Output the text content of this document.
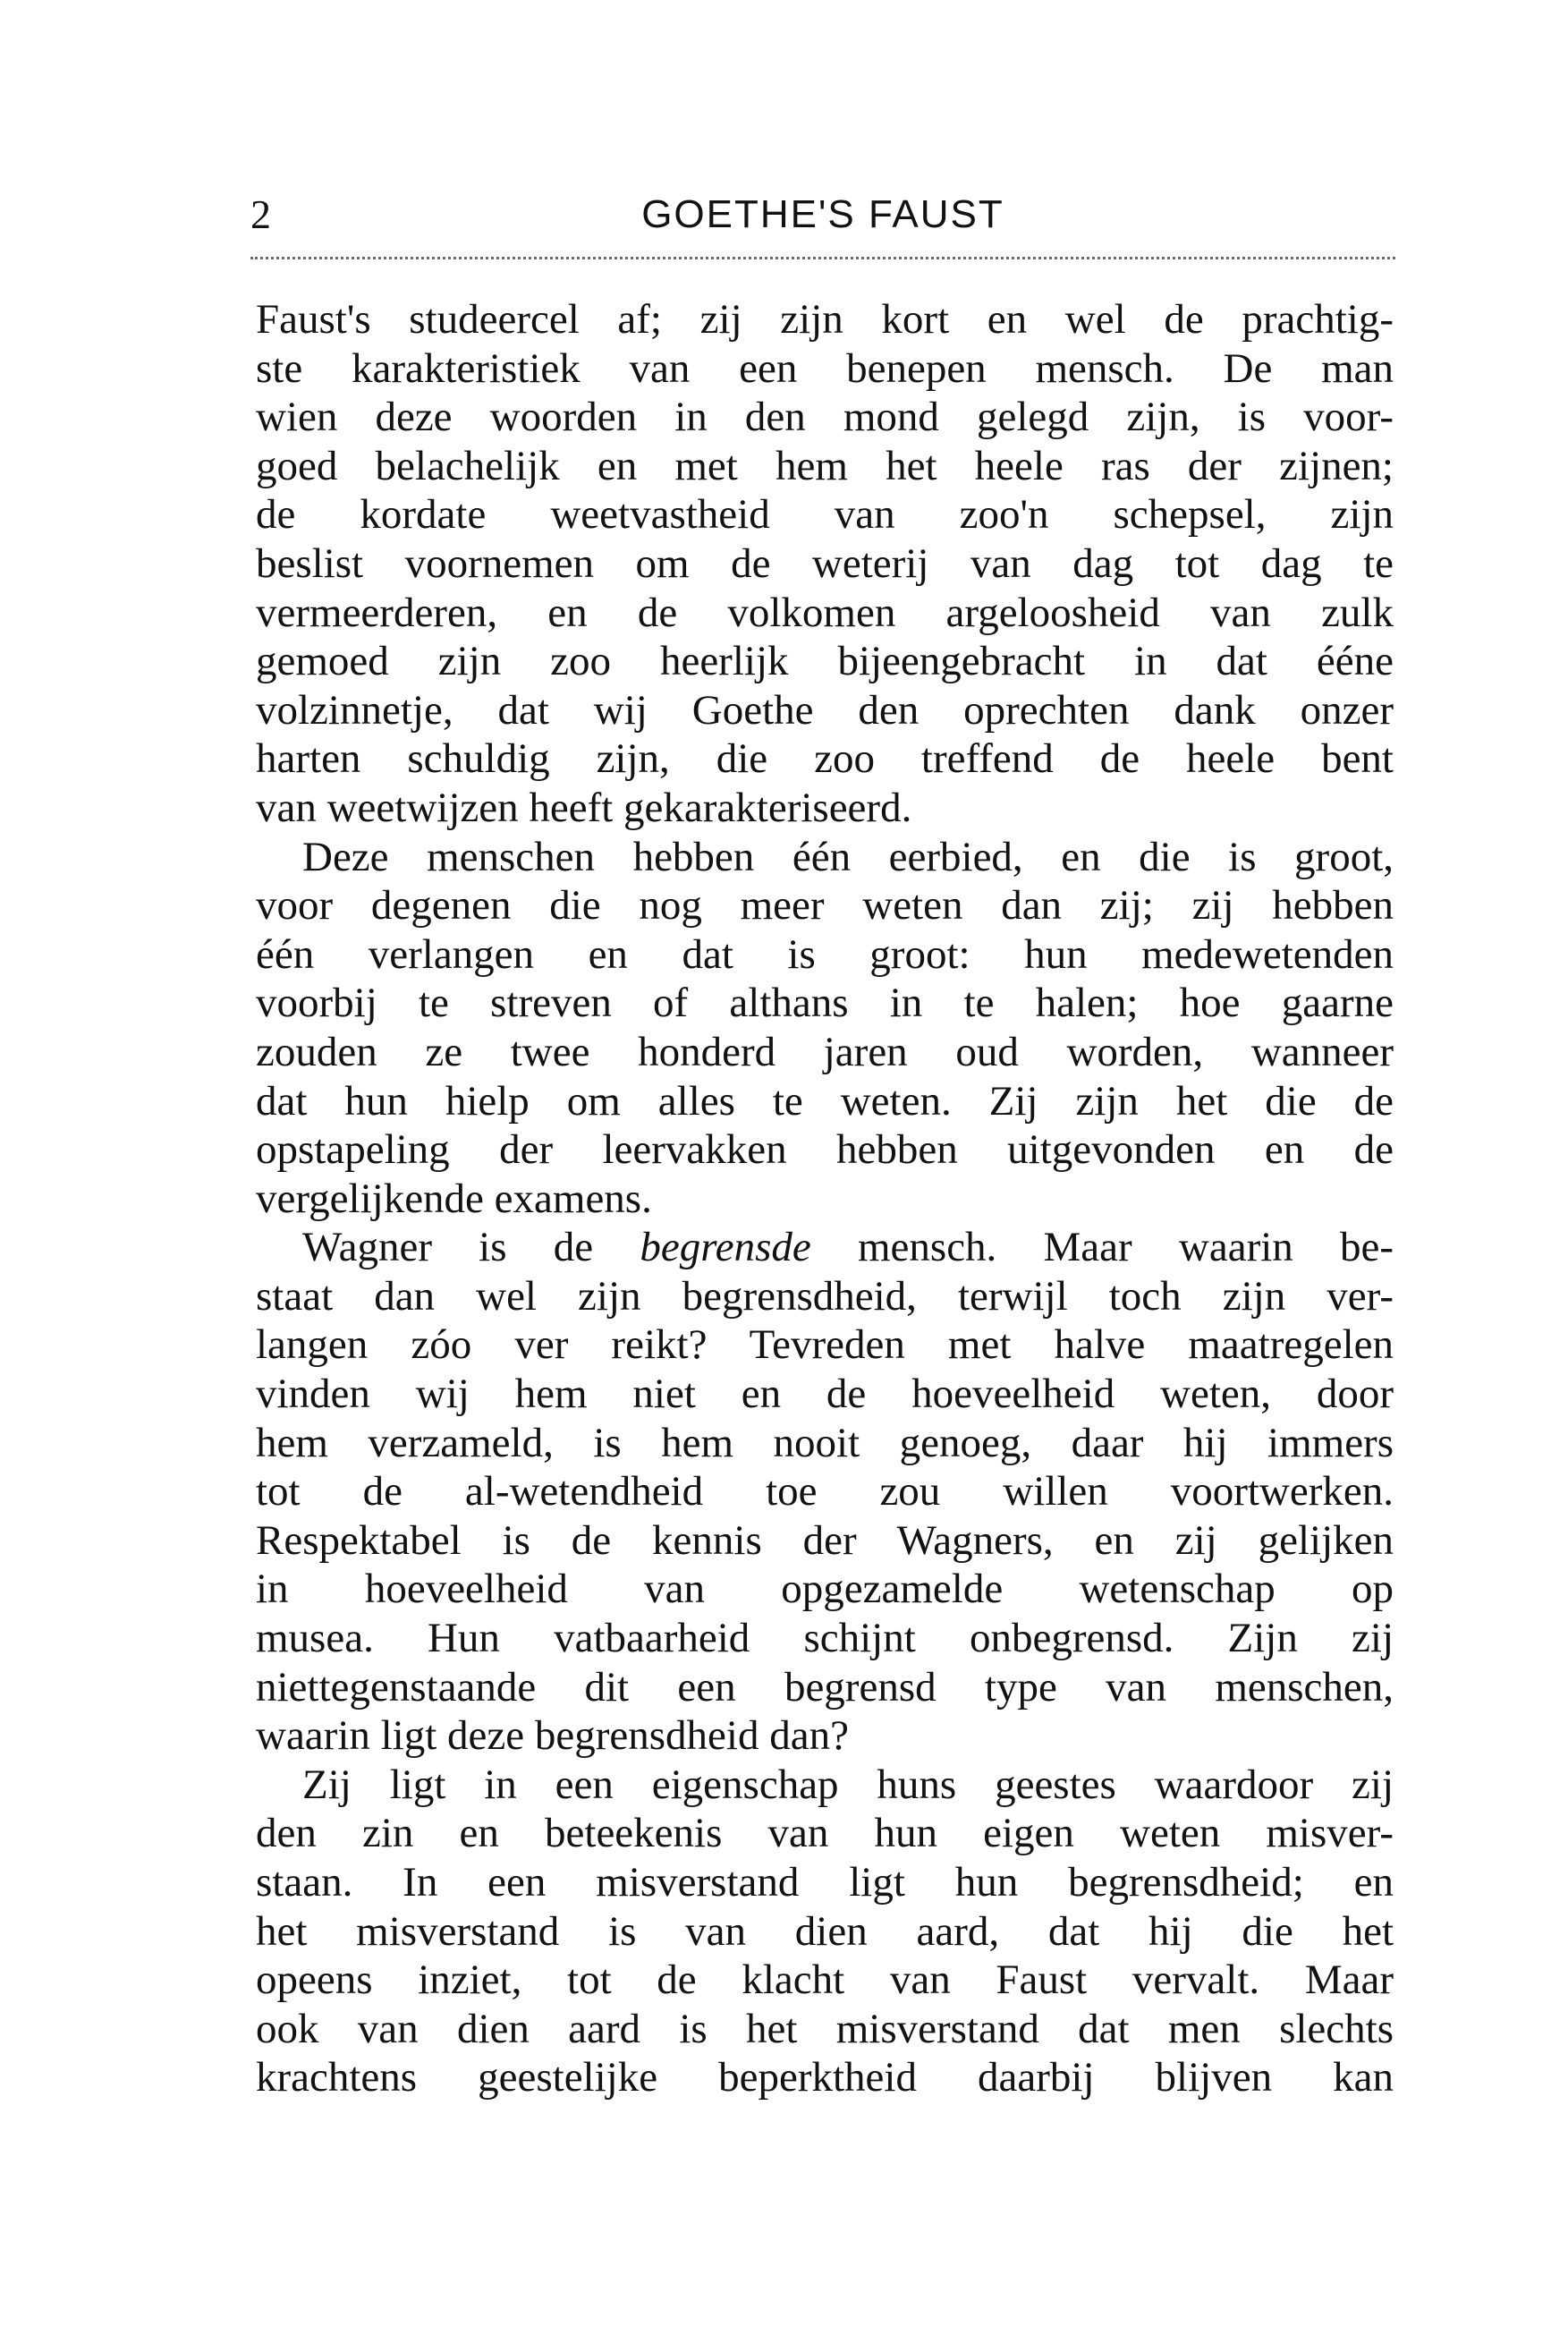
2	GOETHE'S FAUST
Faust's studeercel af; zij zijn kort en wel de prachtig-
ste karakteristiek van een benepen mensch. De man
wien deze woorden in den mond gelegd zijn, is voor-
goed belachelijk en met hem het heele ras der zijnen;
de kordate weetvastheid van zoo'n schepsel, zijn
beslist voornemen om de weterij van dag tot dag te
vermeerderen, en de volkomen argeloosheid van zulk
gemoed zijn zoo heerlijk bijeengebracht in dat ééne
volzinnetje, dat wij Goethe den oprechten dank onzer
harten schuldig zijn, die zoo treffend de heele bent
van weetwijzen heeft gekarakteriseerd.
Deze menschen hebben één eerbied, en die is groot,
voor degenen die nog meer weten dan zij; zij hebben
één verlangen en dat is groot: hun medewetenden
voorbij te streven of althans in te halen; hoe gaarne
zouden ze twee honderd jaren oud worden, wanneer
dat hun hielp om alles te weten. Zij zijn het die de
opstapeling der leervakken hebben uitgevonden en de
vergelijkende examens.
Wagner is de begrensde mensch. Maar waarin be-
staat dan wel zijn begrensdheid, terwijl toch zijn ver-
langen zóo ver reikt? Tevreden met halve maatregelen
vinden wij hem niet en de hoeveelheid weten, door
hem verzameld, is hem nooit genoeg, daar hij immers
tot de al-wetendheid toe zou willen voortwerken.
Respektabel is de kennis der Wagners, en zij gelijken
in hoeveelheid van opgezamelde wetenschap op
musea. Hun vatbaarheid schijnt onbegrensd. Zijn zij
niettegenstaande dit een begrensd type van menschen,
waarin ligt deze begrensdheid dan?
Zij ligt in een eigenschap huns geestes waardoor zij
den zin en beteekenis van hun eigen weten misver-
staan. In een misverstand ligt hun begrensdheid; en
het misverstand is van dien aard, dat hij die het
opeens inziet, tot de klacht van Faust vervalt. Maar
ook van dien aard is het misverstand dat men slechts
krachtens geestelijke beperktheid daarbij blijven kan
